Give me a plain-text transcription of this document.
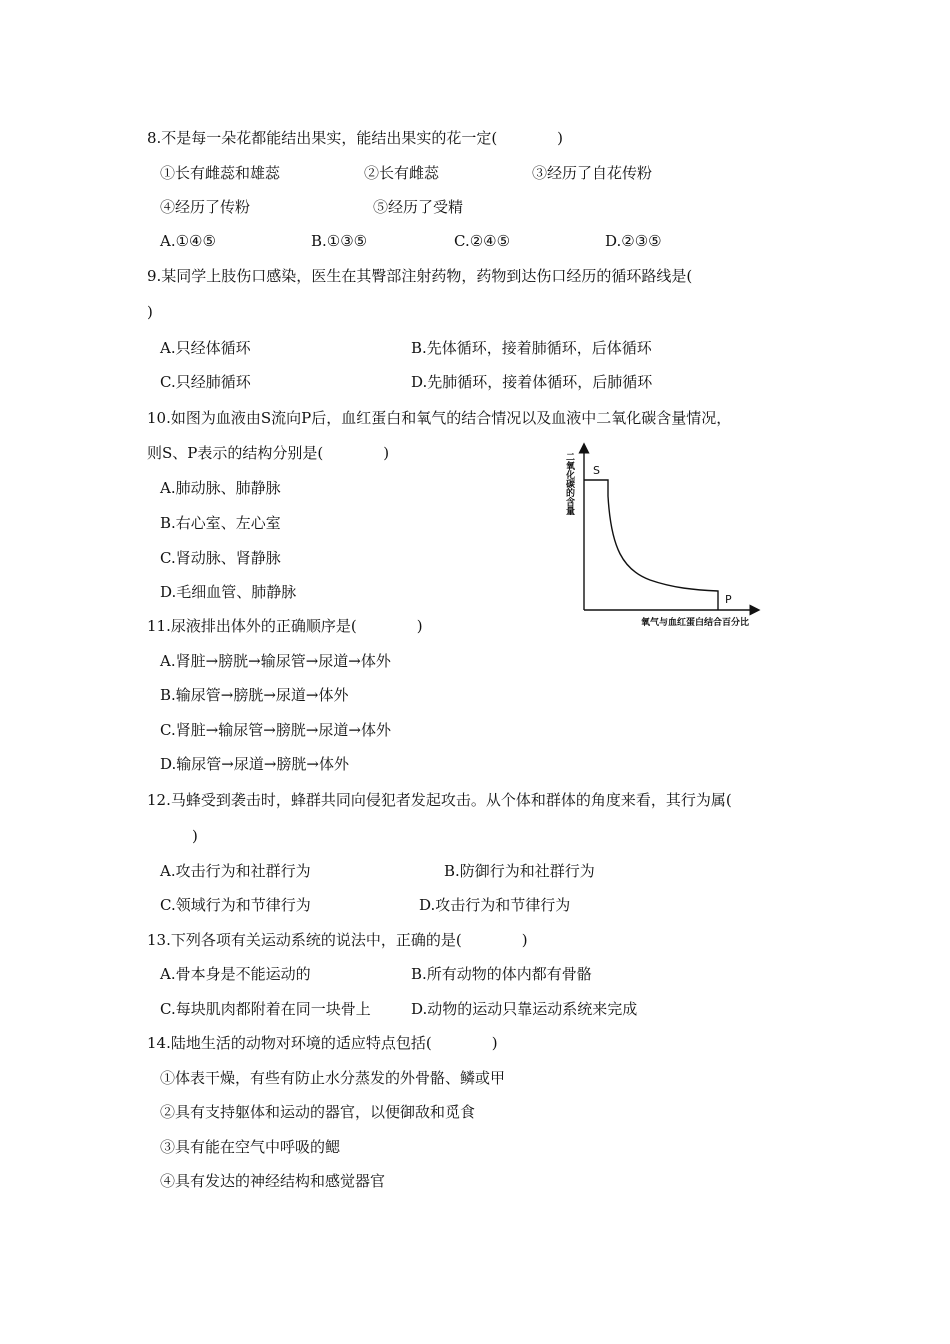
8.不是每一朵花都能结出果实，能结出果实的花一定(　　　　)
①长有雌蕊和雄蕊	②长有雌蕊	③经历了自花传粉
④经历了传粉	⑤经历了受精
A.①④⑤	B.①③⑤	C.②④⑤	D.②③⑤
9.某同学上肢伤口感染，医生在其臀部注射药物，药物到达伤口经历的循环路线是(
)
A.只经体循环	B.先体循环，接着肺循环，后体循环
C.只经肺循环	D.先肺循环，接着体循环，后肺循环
10.如图为血液由S流向P后，血红蛋白和氧气的结合情况以及血液中二氧化碳含量情况，
则S、P表示的结构分别是(　　　　)
A.肺动脉、肺静脉
B.右心室、左心室
C.肾动脉、肾静脉
D.毛细血管、肺静脉
S
P
二氧化碳的含量
氧气与血红蛋白结合百分比
11.尿液排出体外的正确顺序是(　　　　)
A.肾脏→膀胱→输尿管→尿道→体外
B.输尿管→膀胱→尿道→体外
C.肾脏→输尿管→膀胱→尿道→体外
D.输尿管→尿道→膀胱→体外
12.马蜂受到袭击时，蜂群共同向侵犯者发起攻击。从个体和群体的角度来看，其行为属(
)
A.攻击行为和社群行为	B.防御行为和社群行为
C.领域行为和节律行为	D.攻击行为和节律行为
13.下列各项有关运动系统的说法中，正确的是(　　　　)
A.骨本身是不能运动的	B.所有动物的体内都有骨骼
C.每块肌肉都附着在同一块骨上	D.动物的运动只靠运动系统来完成
14.陆地生活的动物对环境的适应特点包括(　　　　)
①体表干燥，有些有防止水分蒸发的外骨骼、鳞或甲
②具有支持躯体和运动的器官，以便御敌和觅食
③具有能在空气中呼吸的鳃
④具有发达的神经结构和感觉器官
